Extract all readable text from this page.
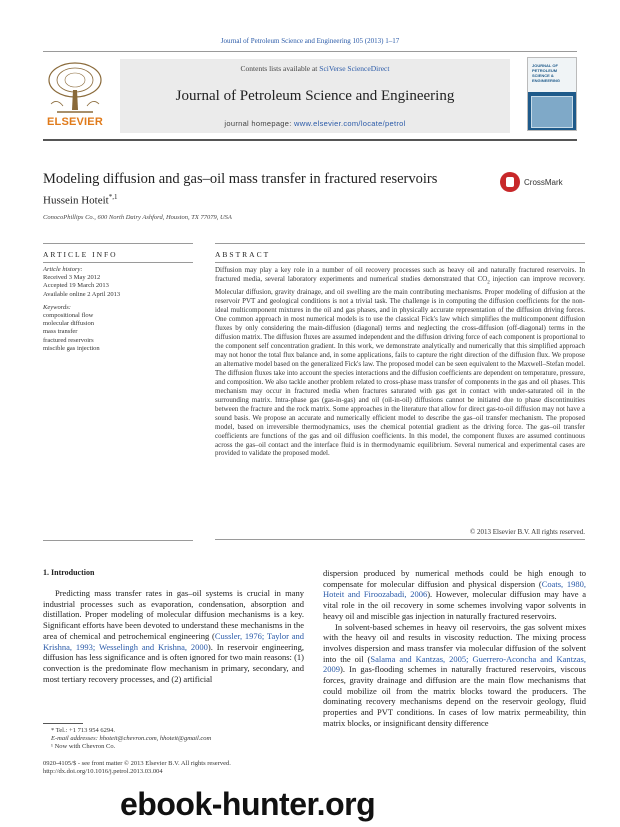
Journal of Petroleum Science and Engineering 105 (2013) 1–17
ELSEVIER
Contents lists available at SciVerse ScienceDirect
Journal of Petroleum Science and Engineering
journal homepage: www.elsevier.com/locate/petrol
JOURNAL OF PETROLEUM SCIENCE & ENGINEERING
Modeling diffusion and gas–oil mass transfer in fractured reservoirs	CrossMark
Hussein Hoteit$^{*,1}$
ConocoPhillips Co., 600 North Dairy Ashford, Houston, TX 77079, USA
ARTICLE INFO	ABSTRACT
Article history:
Received 3 May 2012
Accepted 19 March 2013
Available online 2 April 2013
Keywords:
compositional flow
molecular diffusion
mass transfer
fractured reservoirs
miscible gas injection
Diffusion may play a key role in a number of oil recovery processes such as heavy oil and naturally fractured reservoirs. In fractured media, several laboratory experiments and numerical studies demonstrated that $CO_2$ injection can improve recovery. Molecular diffusion, gravity drainage, and oil swelling are the main contributing mechanisms. Proper modeling of diffusion at the reservoir PVT and geological conditions is not a trivial task. The challenge is in computing the diffusion coefficients for the non-ideal multicomponent mixtures in the oil and gas phases, and in physically accurate representation of the diffusion driving forces. One common approach in most numerical models is to use the classical Fick's law which simplifies the multicomponent diffusion fluxes by only considering the main-diffusion (diagonal) terms and neglecting the cross-diffusion (off-diagonal) terms in the diffusion matrix. The diffusion fluxes are assumed independent and the diffusion driving force of each component is proportional to the component self concentration gradient. In this work, we demonstrate analytically and numerically that this simplified approach may not honor the total flux balance and, in some applications, fails to capture the right direction of the diffusion flux. We propose an alternative model based on the generalized Fick's law. The proposed model can be seen equivalent to the Maxwell–Stefan model. The diffusion fluxes take into account the species interactions and the diffusion coefficients are dependent on temperature, pressure, and composition. We also tackle another problem related to cross-phase mass transfer of components in the gas and oil phases. This mechanism may occur in fractured media when fractures saturated with gas get in contact with under-saturated oil in the surrounding matrix. Intra-phase gas (gas-in-gas) and oil (oil-in-oil) diffusions cannot be initiated due to phase discontinuities between the fracture and the rock matrix. Some approaches in the literature that allow for direct gas-to-oil diffusion may not have a sound basis. We propose an accurate and numerically efficient model to describe the gas–oil transfer mechanism. The proposed model, based on irreversible thermodynamics, uses the chemical potential gradient as the driving force. The gas–oil transfer coefficients are functions of the gas and oil diffusion coefficients. In this model, the component fluxes are assumed continuous across the gas–oil contact and the interface fluid is in thermodynamic equilibrium. Several numerical and experimental cases are provided to validate the proposed model.
© 2013 Elsevier B.V. All rights reserved.
1. Introduction

Predicting mass transfer rates in gas–oil systems is crucial in many industrial processes such as evaporation, condensation, absorption and distillation. Proper modeling of molecular diffusion mechanisms is a key. Significant efforts have been devoted to understand these mechanisms in the area of chemical and petrochemical engineering (Cussler, 1976; Taylor and Krishna, 1993; Wesselingh and Krishna, 2000). In reservoir engineering, diffusion has less significance and is often ignored for two main reasons: (1) convection is the predominate flow mechanism in primary, secondary, and most tertiary recovery processes, and (2) artificial

dispersion produced by numerical methods could be high enough to compensate for molecular diffusion and physical dispersion (Coats, 1980, Hoteit and Firoozabadi, 2006). However, molecular diffusion may have a vital role in the oil recovery in some schemes involving vapor solvents in heavy oil and miscible gas injection in naturally fractured reservoirs.

In solvent-based schemes in heavy oil reservoirs, the gas solvent mixes with the heavy oil and results in viscosity reduction. The mixing process involves dispersion and mass transfer via molecular diffusion of the solvent into the oil (Salama and Kantzas, 2005; Guerrero-Aconcha and Kantzas, 2009). In gas-flooding schemes in naturally fractured reservoirs, viscous forces, gravity drainage and diffusion are the main flow mechanisms that could mobilize oil from the matrix blocks toward the producers. The dominating recovery mechanisms depend on the reservoir geology, fluid properties and PVT conditions. In cases of low matrix permeability, thin matrix blocks, or insignificant density difference

* Tel.: +1 713 954 6294.
E-mail addresses: hhoteit@chevron.com, hhoteit@gmail.com
¹ Now with Chevron Co.
0920-4105/$ - see front matter © 2013 Elsevier B.V. All rights reserved.
http://dx.doi.org/10.1016/j.petrol.2013.03.004
ebook-hunter.org
